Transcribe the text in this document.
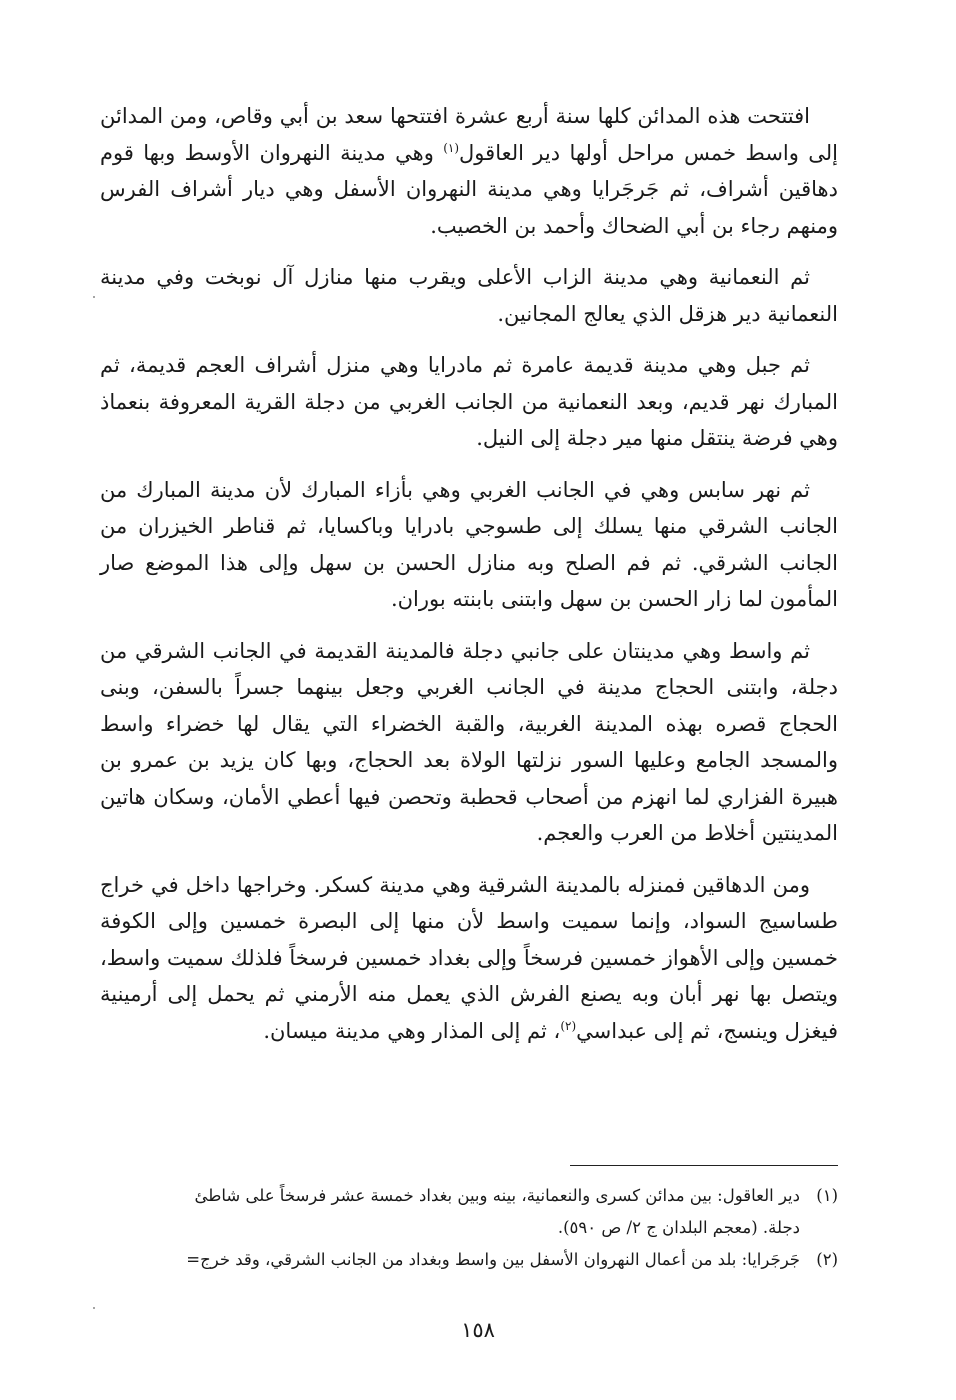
افتتحت هذه المدائن كلها سنة أربع عشرة افتتحها سعد بن أبي وقاص، ومن المدائن إلى واسط خمس مراحل أولها دير العاقول$^{(١)}$ وهي مدينة النهروان الأوسط وبها قوم دهاقين أشراف، ثم جَرجَرايا وهي مدينة النهروان الأسفل وهي ديار أشراف الفرس ومنهم رجاء بن أبي الضحاك وأحمد بن الخصيب.

ثم النعمانية وهي مدينة الزاب الأعلى ويقرب منها منازل آل نوبخت وفي مدينة النعمانية دير هزقل الذي يعالج المجانين.

ثم جبل وهي مدينة قديمة عامرة ثم مادرايا وهي منزل أشراف العجم قديمة، ثم المبارك نهر قديم، وبعد النعمانية من الجانب الغربي من دجلة القرية المعروفة بنعماذ وهي فرضة ينتقل منها مير دجلة إلى النيل.

ثم نهر سابس وهي في الجانب الغربي وهي بأزاء المبارك لأن مدينة المبارك من الجانب الشرقي منها يسلك إلى طسوجي بادرايا وباكسايا، ثم قناطر الخيزران من الجانب الشرقي. ثم فم الصلح وبه منازل الحسن بن سهل وإلى هذا الموضع صار المأمون لما زار الحسن بن سهل وابتنى بابنته بوران.

ثم واسط وهي مدينتان على جانبي دجلة فالمدينة القديمة في الجانب الشرقي من دجلة، وابتنى الحجاج مدينة في الجانب الغربي وجعل بينهما جسراً بالسفن، وبنى الحجاج قصره بهذه المدينة الغربية، والقبة الخضراء التي يقال لها خضراء واسط والمسجد الجامع وعليها السور نزلتها الولاة بعد الحجاج، وبها كان يزيد بن عمرو بن هبيرة الفزاري لما انهزم من أصحاب قحطبة وتحصن فيها أعطي الأمان، وسكان هاتين المدينتين أخلاط من العرب والعجم.

ومن الدهاقين فمنزله بالمدينة الشرقية وهي مدينة كسكر. وخراجها داخل في خراج طساسيج السواد، وإنما سميت واسط لأن منها إلى البصرة خمسين وإلى الكوفة خمسين وإلى الأهواز خمسين فرسخاً وإلى بغداد خمسين فرسخاً فلذلك سميت واسط، ويتصل بها نهر أبان وبه يصنع الفرش الذي يعمل منه الأرمني ثم يحمل إلى أرمينية فيغزل وينسج، ثم إلى عبداسي$^{(٢)}$، ثم إلى المذار وهي مدينة ميسان.

(١)دير العاقول: بين مدائن كسرى والنعمانية، بينه وبين بغداد خمسة عشر فرسخاً على شاطئ
دجلة. (معجم البلدان ج ٢/ ص ٥٩٠).
(٢)جَرجَرايا: بلد من أعمال النهروان الأسفل بين واسط وبغداد من الجانب الشرقي، وقد خرج=
١٥٨
